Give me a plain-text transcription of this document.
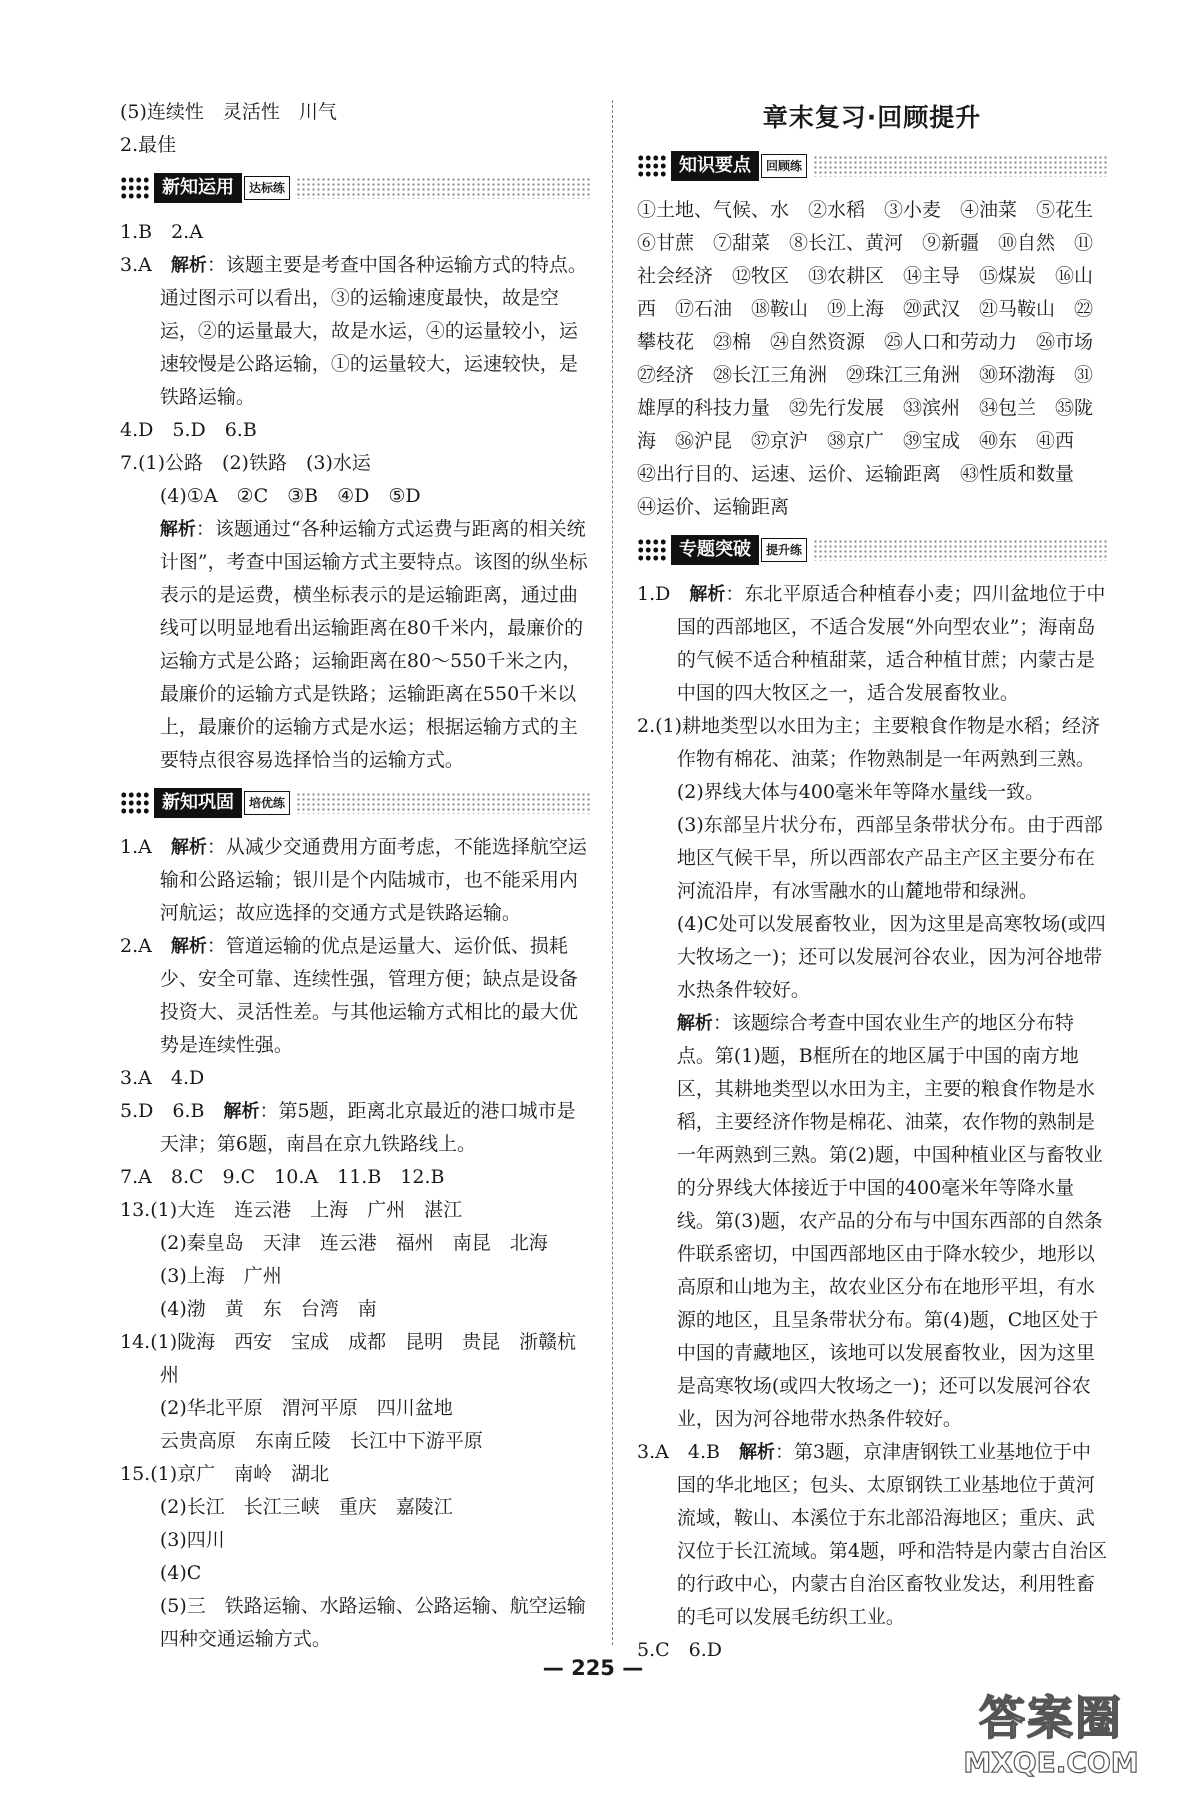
(5)连续性　灵活性　川气

2.最佳

新知运用	达标练

1.B　2.A

3.A　解析：该题主要是考查中国各种运输方式的特点。通过图示可以看出，③的运输速度最快，故是空运，②的运量最大，故是水运，④的运量较小，运速较慢是公路运输，①的运量较大，运速较快，是铁路运输。

4.D　5.D　6.B

7.(1)公路　(2)铁路　(3)水运

(4)①A　②C　③B　④D　⑤D

解析：该题通过“各种运输方式运费与距离的相关统计图”，考查中国运输方式主要特点。该图的纵坐标表示的是运费，横坐标表示的是运输距离，通过曲线可以明显地看出运输距离在80千米内，最廉价的运输方式是公路；运输距离在80～550千米之内，最廉价的运输方式是铁路；运输距离在550千米以上，最廉价的运输方式是水运；根据运输方式的主要特点很容易选择恰当的运输方式。

新知巩固	培优练

1.A　解析：从减少交通费用方面考虑，不能选择航空运输和公路运输；银川是个内陆城市，也不能采用内河航运；故应选择的交通方式是铁路运输。

2.A　解析：管道运输的优点是运量大、运价低、损耗少、安全可靠、连续性强，管理方便；缺点是设备投资大、灵活性差。与其他运输方式相比的最大优势是连续性强。

3.A　4.D

5.D　6.B　解析：第5题，距离北京最近的港口城市是天津；第6题，南昌在京九铁路线上。

7.A　8.C　9.C　10.A　11.B　12.B

13.(1)大连　连云港　上海　广州　湛江

(2)秦皇岛　天津　连云港　福州　南昆　北海

(3)上海　广州

(4)渤　黄　东　台湾　南

14.(1)陇海　西安　宝成　成都　昆明　贵昆　浙赣杭州

(2)华北平原　渭河平原　四川盆地

云贵高原　东南丘陵　长江中下游平原

15.(1)京广　南岭　湖北

(2)长江　长江三峡　重庆　嘉陵江

(3)四川

(4)C

(5)三　铁路运输、水路运输、公路运输、航空运输四种交通运输方式。

章末复习·回顾提升
知识要点	回顾练

①土地、气候、水　②水稻　③小麦　④油菜　⑤花生　⑥甘蔗　⑦甜菜　⑧长江、黄河　⑨新疆　⑩自然　⑪社会经济　⑫牧区　⑬农耕区　⑭主导　⑮煤炭　⑯山西　⑰石油　⑱鞍山　⑲上海　⑳武汉　㉑马鞍山　㉒攀枝花　㉓棉　㉔自然资源　㉕人口和劳动力　㉖市场　㉗经济　㉘长江三角洲　㉙珠江三角洲　㉚环渤海　㉛雄厚的科技力量　㉜先行发展　㉝滨州　㉞包兰　㉟陇海　㊱沪昆　㊲京沪　㊳京广　㊴宝成　㊵东　㊶西　㊷出行目的、运速、运价、运输距离　㊸性质和数量　㊹运价、运输距离

专题突破	提升练

1.D　解析：东北平原适合种植春小麦；四川盆地位于中国的西部地区，不适合发展“外向型农业”；海南岛的气候不适合种植甜菜，适合种植甘蔗；内蒙古是中国的四大牧区之一，适合发展畜牧业。

2.(1)耕地类型以水田为主；主要粮食作物是水稻；经济作物有棉花、油菜；作物熟制是一年两熟到三熟。

(2)界线大体与400毫米年等降水量线一致。

(3)东部呈片状分布，西部呈条带状分布。由于西部地区气候干旱，所以西部农产品主产区主要分布在河流沿岸，有冰雪融水的山麓地带和绿洲。

(4)C处可以发展畜牧业，因为这里是高寒牧场(或四大牧场之一)；还可以发展河谷农业，因为河谷地带水热条件较好。

解析：该题综合考查中国农业生产的地区分布特点。第(1)题，B框所在的地区属于中国的南方地区，其耕地类型以水田为主，主要的粮食作物是水稻，主要经济作物是棉花、油菜，农作物的熟制是一年两熟到三熟。第(2)题，中国种植业区与畜牧业的分界线大体接近于中国的400毫米年等降水量线。第(3)题，农产品的分布与中国东西部的自然条件联系密切，中国西部地区由于降水较少，地形以高原和山地为主，故农业区分布在地形平坦，有水源的地区，且呈条带状分布。第(4)题，C地区处于中国的青藏地区，该地可以发展畜牧业，因为这里是高寒牧场(或四大牧场之一)；还可以发展河谷农业，因为河谷地带水热条件较好。

3.A　4.B　解析：第3题，京津唐钢铁工业基地位于中国的华北地区；包头、太原钢铁工业基地位于黄河流域，鞍山、本溪位于东北部沿海地区；重庆、武汉位于长江流域。第4题，呼和浩特是内蒙古自治区的行政中心，内蒙古自治区畜牧业发达，利用牲畜的毛可以发展毛纺织工业。

5.C　6.D

— 225 —
答案圈
MXQE.COM
